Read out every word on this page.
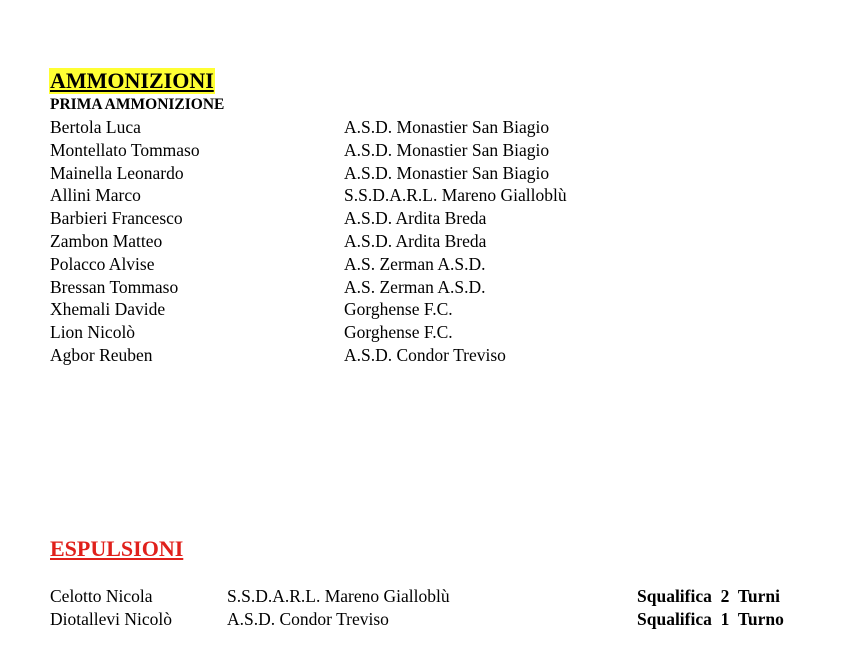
AMMONIZIONI
PRIMA AMMONIZIONE
Bertola Luca	A.S.D. Monastier San Biagio
Montellato Tommaso	A.S.D. Monastier San Biagio
Mainella Leonardo	A.S.D. Monastier San Biagio
Allini Marco	S.S.D.A.R.L. Mareno Gialloblù
Barbieri Francesco	A.S.D. Ardita Breda
Zambon Matteo	A.S.D. Ardita Breda
Polacco Alvise	A.S. Zerman A.S.D.
Bressan Tommaso	A.S. Zerman A.S.D.
Xhemali Davide	Gorghense F.C.
Lion Nicolò	Gorghense F.C.
Agbor Reuben	A.S.D. Condor Treviso
ESPULSIONI
Celotto Nicola	S.S.D.A.R.L. Mareno Gialloblù	Squalifica  2  Turni
Diotallevi Nicolò	A.S.D. Condor Treviso	Squalifica  1  Turno
